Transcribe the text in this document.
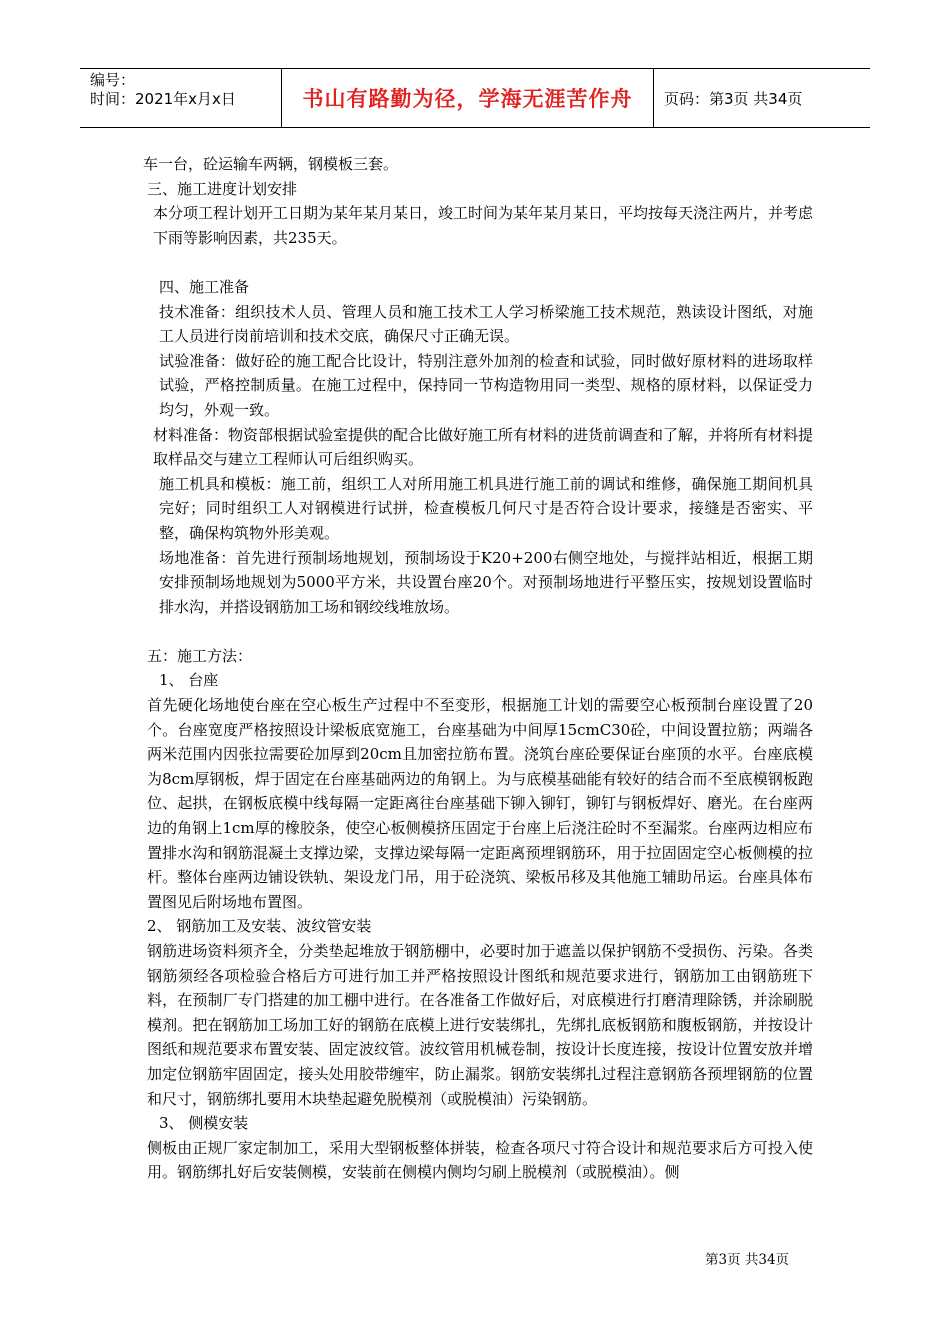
编号：
时间：2021年x月x日	书山有路勤为径，学海无涯苦作舟	页码：第3页 共34页

车一台，砼运输车两辆，钢模板三套。

三、施工进度计划安排

本分项工程计划开工日期为某年某月某日，竣工时间为某年某月某日，平均按每天浇注两片，并考虑下雨等影响因素，共235天。

四、施工准备

技术准备：组织技术人员、管理人员和施工技术工人学习桥梁施工技术规范，熟读设计图纸，对施工人员进行岗前培训和技术交底，确保尺寸正确无误。

试验准备：做好砼的施工配合比设计，特别注意外加剂的检查和试验，同时做好原材料的进场取样试验，严格控制质量。在施工过程中，保持同一节构造物用同一类型、规格的原材料，以保证受力均匀，外观一致。

材料准备：物资部根据试验室提供的配合比做好施工所有材料的进货前调查和了解，并将所有材料提取样品交与建立工程师认可后组织购买。

施工机具和模板：施工前，组织工人对所用施工机具进行施工前的调试和维修，确保施工期间机具完好；同时组织工人对钢模进行试拼，检查模板几何尺寸是否符合设计要求，接缝是否密实、平整，确保构筑物外形美观。

场地准备：首先进行预制场地规划，预制场设于K20+200右侧空地处，与搅拌站相近，根据工期安排预制场地规划为5000平方米，共设置台座20个。对预制场地进行平整压实，按规划设置临时排水沟，并搭设钢筋加工场和钢绞线堆放场。

五：施工方法：

1、 台座

首先硬化场地使台座在空心板生产过程中不至变形，根据施工计划的需要空心板预制台座设置了20个。台座宽度严格按照设计梁板底宽施工，台座基础为中间厚15cmC30砼，中间设置拉筋；两端各两米范围内因张拉需要砼加厚到20cm且加密拉筋布置。浇筑台座砼要保证台座顶的水平。台座底模为8cm厚钢板，焊于固定在台座基础两边的角钢上。为与底模基础能有较好的结合而不至底模钢板跑位、起拱，在钢板底模中线每隔一定距离往台座基础下铆入铆钉，铆钉与钢板焊好、磨光。在台座两边的角钢上1cm厚的橡胶条，使空心板侧模挤压固定于台座上后浇注砼时不至漏浆。台座两边相应布置排水沟和钢筋混凝土支撑边梁，支撑边梁每隔一定距离预埋钢筋环，用于拉固固定空心板侧模的拉杆。整体台座两边铺设铁轨、架设龙门吊，用于砼浇筑、梁板吊移及其他施工辅助吊运。台座具体布置图见后附场地布置图。

2、 钢筋加工及安装、波纹管安装

钢筋进场资料须齐全，分类垫起堆放于钢筋棚中，必要时加于遮盖以保护钢筋不受损伤、污染。各类钢筋须经各项检验合格后方可进行加工并严格按照设计图纸和规范要求进行，钢筋加工由钢筋班下料，在预制厂专门搭建的加工棚中进行。在各准备工作做好后，对底模进行打磨清理除锈，并涂刷脱模剂。把在钢筋加工场加工好的钢筋在底模上进行安装绑扎，先绑扎底板钢筋和腹板钢筋，并按设计图纸和规范要求布置安装、固定波纹管。波纹管用机械卷制，按设计长度连接，按设计位置安放并增加定位钢筋牢固固定，接头处用胶带缠牢，防止漏浆。钢筋安装绑扎过程注意钢筋各预埋钢筋的位置和尺寸，钢筋绑扎要用木块垫起避免脱模剂（或脱模油）污染钢筋。

3、 侧模安装

侧板由正规厂家定制加工，采用大型钢板整体拼装，检查各项尺寸符合设计和规范要求后方可投入使用。钢筋绑扎好后安装侧模，安装前在侧模内侧均匀刷上脱模剂（或脱模油）。侧

第3页 共34页
